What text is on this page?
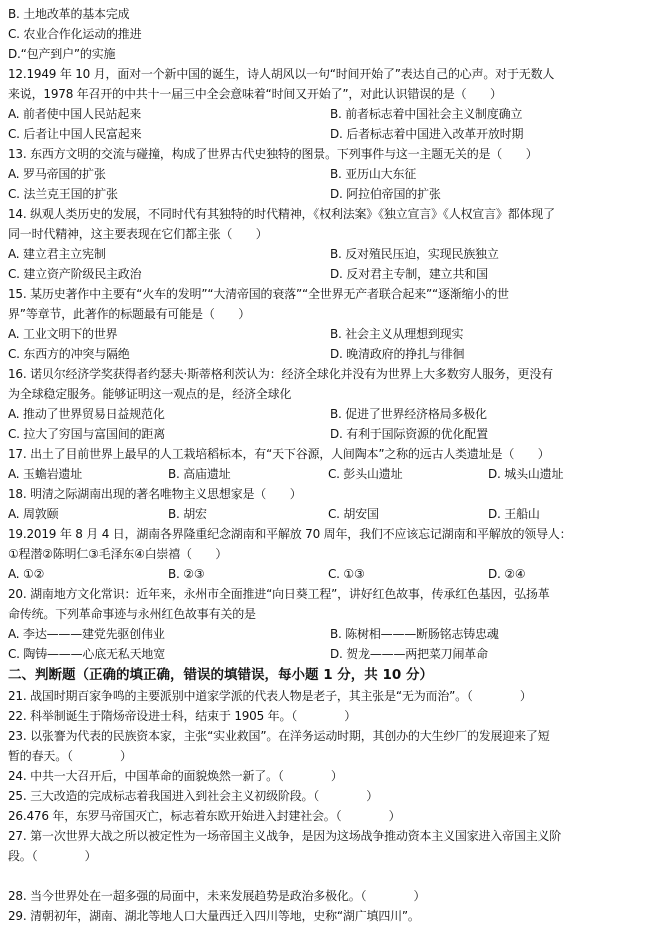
B. 土地改革的基本完成
C. 农业合作化运动的推进
D.“包产到户”的实施
12.1949 年 10 月，面对一个新中国的诞生，诗人胡风以一句“时间开始了”表达自己的心声。对于无数人
来说，1978 年召开的中共十一届三中全会意味着“时间又开始了”，对此认识错误的是（　　）
A. 前者使中国人民站起来	B. 前者标志着中国社会主义制度确立
C. 后者让中国人民富起来	D. 后者标志着中国进入改革开放时期
13. 东西方文明的交流与碰撞，构成了世界古代史独特的图景。下列事件与这一主题无关的是（　　）
A. 罗马帝国的扩张	B. 亚历山大东征
C. 法兰克王国的扩张	D. 阿拉伯帝国的扩张
14. 纵观人类历史的发展，不同时代有其独特的时代精神，《权利法案》《独立宣言》《人权宣言》都体现了
同一时代精神，这主要表现在它们都主张（　　）
A. 建立君主立宪制	B. 反对殖民压迫，实现民族独立
C. 建立资产阶级民主政治	D. 反对君主专制，建立共和国
15. 某历史著作中主要有“火车的发明”“大清帝国的衰落”“全世界无产者联合起来”“逐渐缩小的世
界”等章节，此著作的标题最有可能是（　　）
A. 工业文明下的世界	B. 社会主义从理想到现实
C. 东西方的冲突与隔绝	D. 晚清政府的挣扎与徘徊
16. 诺贝尔经济学奖获得者约瑟夫·斯蒂格利茨认为：经济全球化并没有为世界上大多数穷人服务，更没有
为全球稳定服务。能够证明这一观点的是，经济全球化
A. 推动了世界贸易日益规范化	B. 促进了世界经济格局多极化
C. 拉大了穷国与富国间的距离	D. 有利于国际资源的优化配置
17. 出土了目前世界上最早的人工栽培稻标本，有“天下谷源，人间陶本”之称的远古人类遗址是（　　）
A. 玉蟾岩遗址	B. 高庙遗址	C. 彭头山遗址	D. 城头山遗址
18. 明清之际湖南出现的著名唯物主义思想家是（　　）
A. 周敦颐	B. 胡宏	C. 胡安国	D. 王船山
19.2019 年 8 月 4 日，湖南各界隆重纪念湖南和平解放 70 周年，我们不应该忘记湖南和平解放的领导人：
①程潜②陈明仁③毛泽东④白崇禧（　　）
A. ①②	B. ②③	C. ①③	D. ②④
20. 湖南地方文化常识：近年来，永州市全面推进“向日葵工程”，讲好红色故事，传承红色基因，弘扬革
命传统。下列革命事迹与永州红色故事有关的是
A. 李达———建党先驱创伟业	B. 陈树相———断肠铭志铸忠魂
C. 陶铸———心底无私天地宽	D. 贺龙———两把菜刀闹革命
二、判断题（正确的填正确，错误的填错误，每小题 1 分，共 10 分）
21. 战国时期百家争鸣的主要派别中道家学派的代表人物是老子，其主张是“无为而治”。（　　　　）
22. 科举制诞生于隋炀帝设进士科，结束于 1905 年。（　　　　）
23. 以张謇为代表的民族资本家，主张“实业救国”。在洋务运动时期，其创办的大生纱厂的发展迎来了短
暂的春天。（　　　　）
24. 中共一大召开后，中国革命的面貌焕然一新了。（　　　　）
25. 三大改造的完成标志着我国进入到社会主义初级阶段。（　　　　）
26.476 年，东罗马帝国灭亡，标志着东欧开始进入封建社会。（　　　　）
27. 第一次世界大战之所以被定性为一场帝国主义战争，是因为这场战争推动资本主义国家进入帝国主义阶
段。（　　　　）
28. 当今世界处在一超多强的局面中，未来发展趋势是政治多极化。（　　　　）
29. 清朝初年，湖南、湖北等地人口大量西迁入四川等地，史称“湖广填四川”。
